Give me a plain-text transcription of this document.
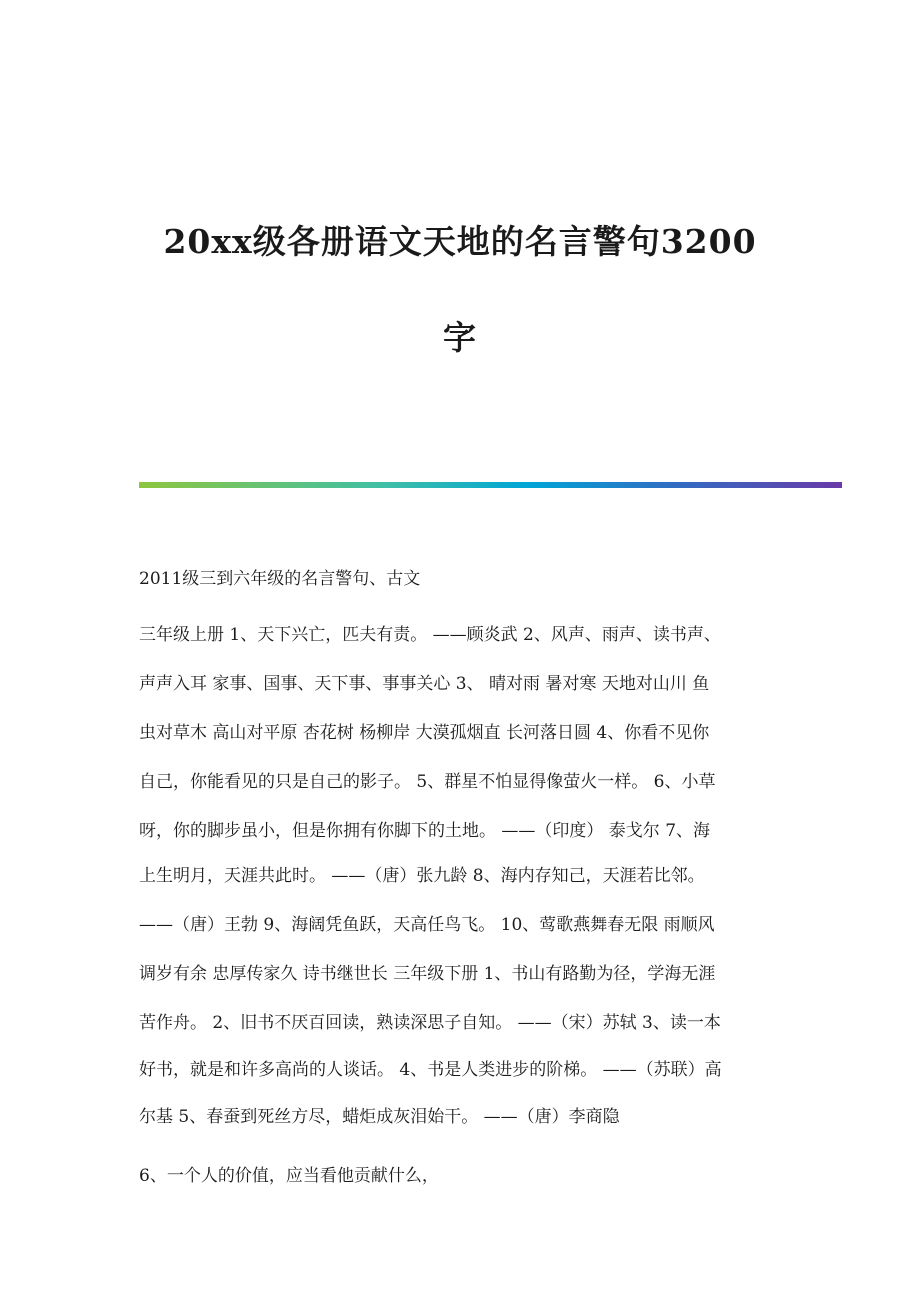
20xx级各册语文天地的名言警句3200
字
2011级三到六年级的名言警句、古文
三年级上册 1、天下兴亡，匹夫有责。 ——顾炎武 2、风声、雨声、读书声、
声声入耳 家事、国事、天下事、事事关心 3、 晴对雨 暑对寒 天地对山川 鱼
虫对草木 高山对平原 杏花树 杨柳岸 大漠孤烟直 长河落日圆 4、你看不见你
自己，你能看见的只是自己的影子。 5、群星不怕显得像萤火一样。 6、小草
呀，你的脚步虽小，但是你拥有你脚下的土地。 ——（印度） 泰戈尔 7、海
上生明月，天涯共此时。 ——（唐）张九龄 8、海内存知己，天涯若比邻。
——（唐）王勃 9、海阔凭鱼跃，天高任鸟飞。 10、莺歌燕舞春无限 雨顺风
调岁有余 忠厚传家久 诗书继世长 三年级下册 1、书山有路勤为径，学海无涯
苦作舟。 2、旧书不厌百回读，熟读深思子自知。 ——（宋）苏轼 3、读一本
好书，就是和许多高尚的人谈话。 4、书是人类进步的阶梯。 ——（苏联）高
尔基 5、春蚕到死丝方尽，蜡炬成灰泪始干。 ——（唐）李商隐
6、一个人的价值，应当看他贡献什么，
